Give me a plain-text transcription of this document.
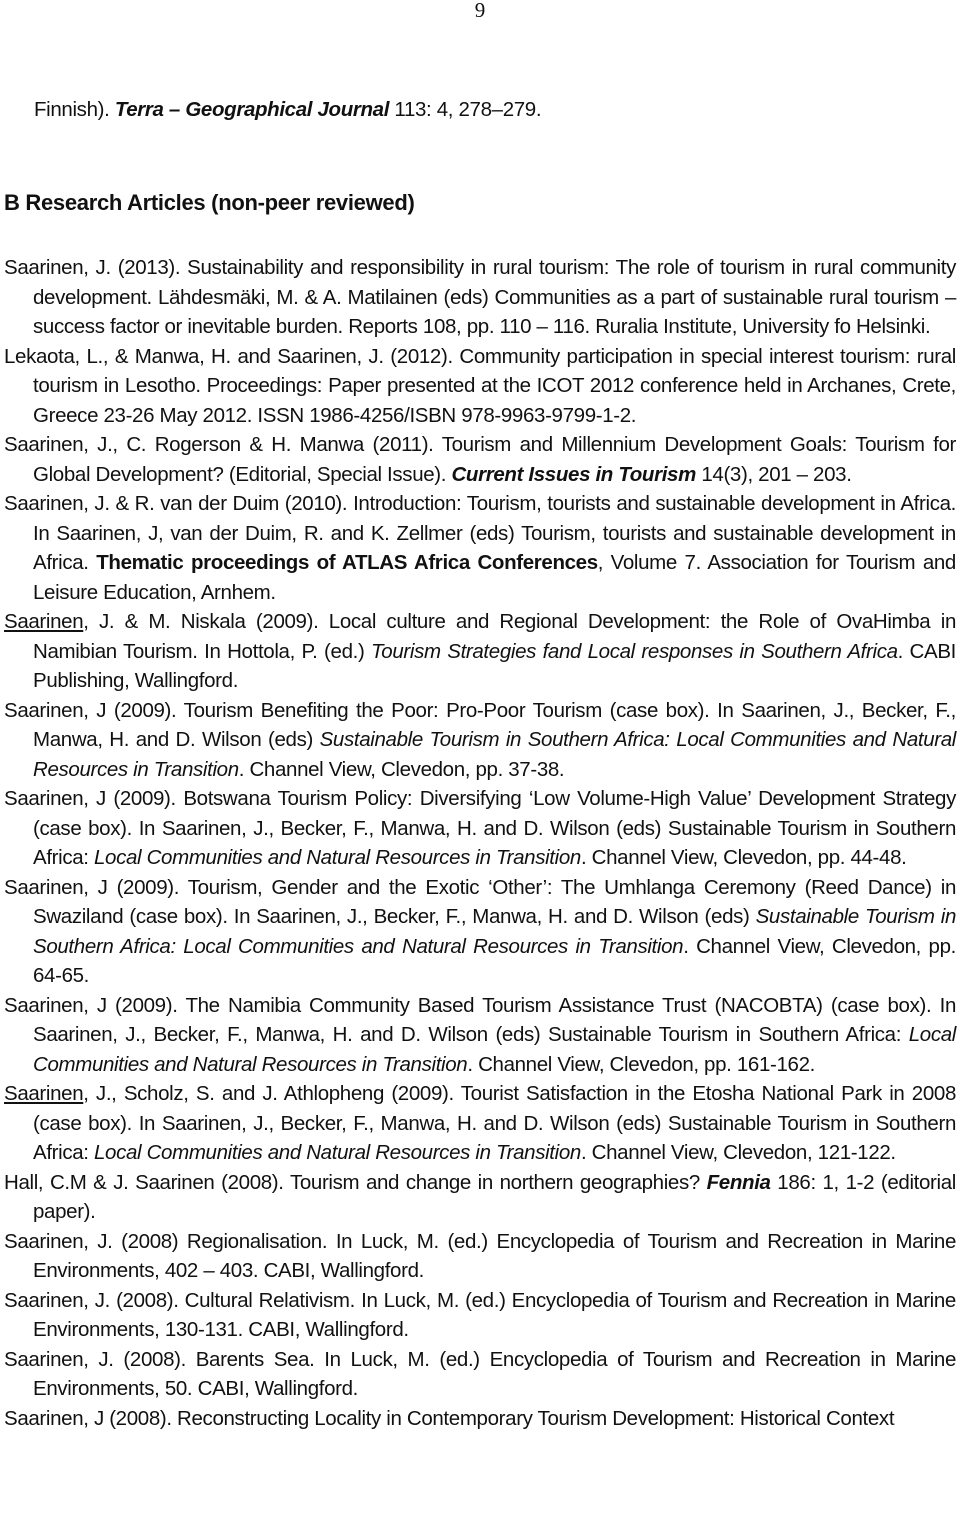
9
Finnish). Terra – Geographical Journal 113: 4, 278–279.
B Research Articles (non-peer reviewed)

Saarinen, J. (2013). Sustainability and responsibility in rural tourism: The role of tourism in rural community development. Lähdesmäki, M. & A. Matilainen (eds) Communities as a part of sustainable rural tourism – success factor or inevitable burden. Reports 108, pp. 110 – 116. Ruralia Institute, University fo Helsinki.

Lekaota, L., & Manwa, H. and Saarinen, J. (2012). Community participation in special interest tourism: rural tourism in Lesotho. Proceedings: Paper presented at the ICOT 2012 conference held in Archanes, Crete, Greece 23-26 May 2012. ISSN 1986-4256/ISBN 978-9963-9799-1-2.

Saarinen, J., C. Rogerson & H. Manwa (2011). Tourism and Millennium Development Goals: Tourism for Global Development? (Editorial, Special Issue). Current Issues in Tourism 14(3), 201 – 203.

Saarinen, J. & R. van der Duim (2010). Introduction: Tourism, tourists and sustainable development in Africa. In Saarinen, J, van der Duim, R. and K. Zellmer (eds) Tourism, tourists and sustainable development in Africa. Thematic proceedings of ATLAS Africa Conferences, Volume 7. Association for Tourism and Leisure Education, Arnhem.

Saarinen, J. & M. Niskala (2009). Local culture and Regional Development: the Role of OvaHimba in Namibian Tourism. In Hottola, P. (ed.) Tourism Strategies fand Local responses in Southern Africa. CABI Publishing, Wallingford.

Saarinen, J (2009). Tourism Benefiting the Poor: Pro-Poor Tourism (case box). In Saarinen, J., Becker, F., Manwa, H. and D. Wilson (eds) Sustainable Tourism in Southern Africa: Local Communities and Natural Resources in Transition. Channel View, Clevedon, pp. 37-38.

Saarinen, J (2009). Botswana Tourism Policy: Diversifying ‘Low Volume-High Value’ Development Strategy (case box). In Saarinen, J., Becker, F., Manwa, H. and D. Wilson (eds) Sustainable Tourism in Southern Africa: Local Communities and Natural Resources in Transition. Channel View, Clevedon, pp. 44-48.

Saarinen, J (2009). Tourism, Gender and the Exotic ‘Other’: The Umhlanga Ceremony (Reed Dance) in Swaziland (case box). In Saarinen, J., Becker, F., Manwa, H. and D. Wilson (eds) Sustainable Tourism in Southern Africa: Local Communities and Natural Resources in Transition. Channel View, Clevedon, pp. 64-65.

Saarinen, J (2009). The Namibia Community Based Tourism Assistance Trust (NACOBTA) (case box). In Saarinen, J., Becker, F., Manwa, H. and D. Wilson (eds) Sustainable Tourism in Southern Africa: Local Communities and Natural Resources in Transition. Channel View, Clevedon, pp. 161-162.

Saarinen, J., Scholz, S. and J. Athlopheng (2009). Tourist Satisfaction in the Etosha National Park in 2008 (case box). In Saarinen, J., Becker, F., Manwa, H. and D. Wilson (eds) Sustainable Tourism in Southern Africa: Local Communities and Natural Resources in Transition. Channel View, Clevedon, 121-122.

Hall, C.M & J. Saarinen (2008). Tourism and change in northern geographies? Fennia 186: 1, 1-2 (editorial paper).

Saarinen, J. (2008) Regionalisation. In Luck, M. (ed.) Encyclopedia of Tourism and Recreation in Marine Environments, 402 – 403. CABI, Wallingford.

Saarinen, J. (2008). Cultural Relativism. In Luck, M. (ed.) Encyclopedia of Tourism and Recreation in Marine Environments, 130-131. CABI, Wallingford.

Saarinen, J. (2008). Barents Sea. In Luck, M. (ed.) Encyclopedia of Tourism and Recreation in Marine Environments, 50. CABI, Wallingford.

Saarinen, J (2008). Reconstructing Locality in Contemporary Tourism Development: Historical Context
